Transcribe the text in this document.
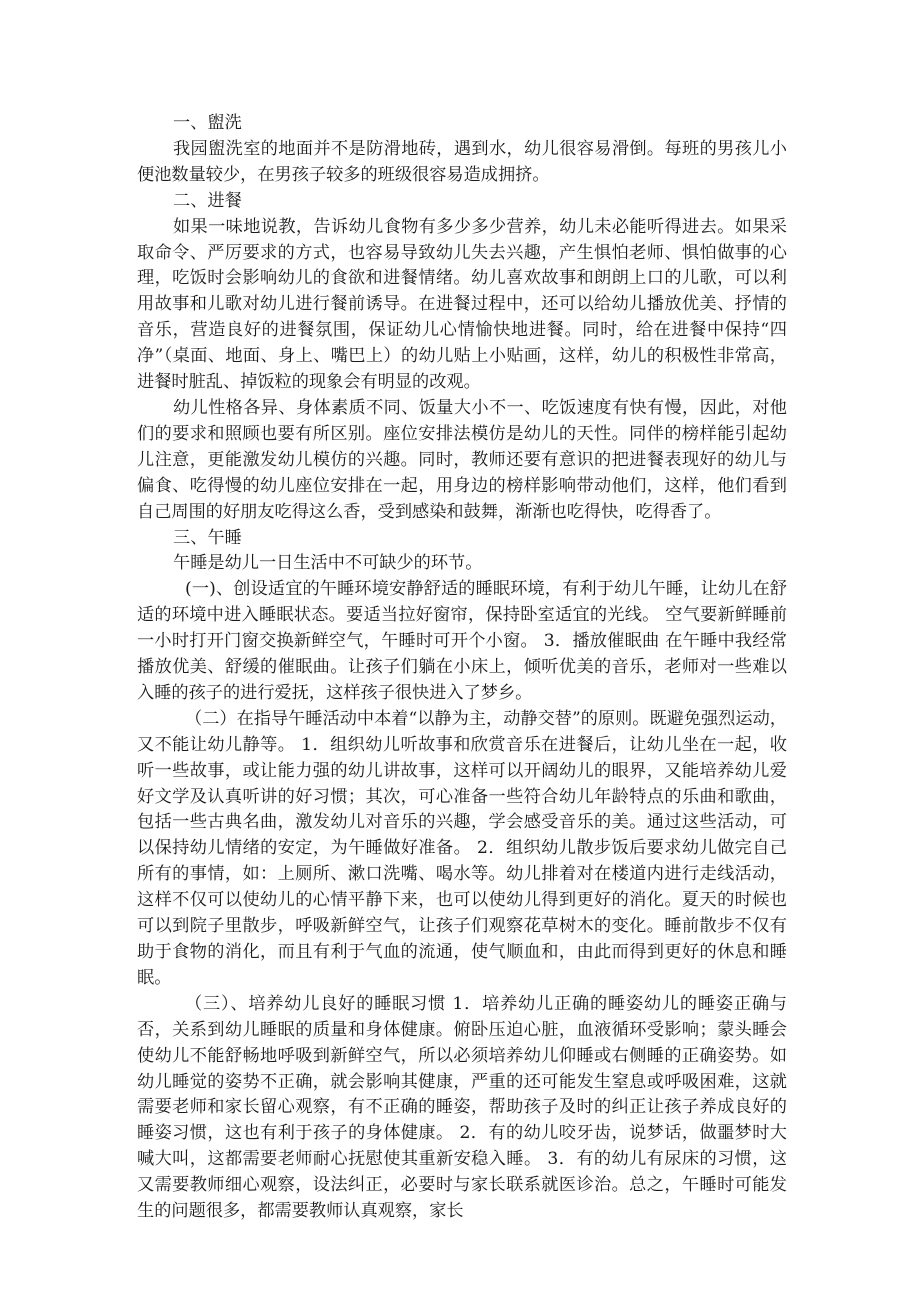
一、盥洗

我园盥洗室的地面并不是防滑地砖，遇到水，幼儿很容易滑倒。每班的男孩儿小便池数量较少，在男孩子较多的班级很容易造成拥挤。

二、进餐

如果一味地说教，告诉幼儿食物有多少多少营养，幼儿未必能听得进去。如果采取命令、严厉要求的方式，也容易导致幼儿失去兴趣，产生惧怕老师、惧怕做事的心理，吃饭时会影响幼儿的食欲和进餐情绪。幼儿喜欢故事和朗朗上口的儿歌，可以利用故事和儿歌对幼儿进行餐前诱导。在进餐过程中，还可以给幼儿播放优美、抒情的音乐，营造良好的进餐氛围，保证幼儿心情愉快地进餐。同时，给在进餐中保持“四净”（桌面、地面、身上、嘴巴上）的幼儿贴上小贴画，这样，幼儿的积极性非常高，进餐时脏乱、掉饭粒的现象会有明显的改观。

幼儿性格各异、身体素质不同、饭量大小不一、吃饭速度有快有慢，因此，对他们的要求和照顾也要有所区别。座位安排法模仿是幼儿的天性。同伴的榜样能引起幼儿注意，更能激发幼儿模仿的兴趣。同时，教师还要有意识的把进餐表现好的幼儿与偏食、吃得慢的幼儿座位安排在一起，用身边的榜样影响带动他们，这样，他们看到自己周围的好朋友吃得这么香，受到感染和鼓舞，渐渐也吃得快，吃得香了。

三、午睡

午睡是幼儿一日生活中不可缺少的环节。

(一)、创设适宜的午睡环境安静舒适的睡眠环境，有利于幼儿午睡，让幼儿在舒适的环境中进入睡眠状态。要适当拉好窗帘，保持卧室适宜的光线。 空气要新鲜睡前一小时打开门窗交换新鲜空气，午睡时可开个小窗。 3．播放催眠曲 在午睡中我经常播放优美、舒缓的催眠曲。让孩子们躺在小床上，倾听优美的音乐，老师对一些难以入睡的孩子的进行爱抚，这样孩子很快进入了梦乡。

（二）在指导午睡活动中本着“以静为主，动静交替”的原则。既避免强烈运动，又不能让幼儿静等。 1．组织幼儿听故事和欣赏音乐在进餐后，让幼儿坐在一起，收听一些故事，或让能力强的幼儿讲故事，这样可以开阔幼儿的眼界，又能培养幼儿爱好文学及认真听讲的好习惯；其次，可心准备一些符合幼儿年龄特点的乐曲和歌曲，包括一些古典名曲，激发幼儿对音乐的兴趣，学会感受音乐的美。通过这些活动，可以保持幼儿情绪的安定，为午睡做好准备。 2．组织幼儿散步饭后要求幼儿做完自己所有的事情，如：上厕所、漱口洗嘴、喝水等。幼儿排着对在楼道内进行走线活动，这样不仅可以使幼儿的心情平静下来，也可以使幼儿得到更好的消化。夏天的时候也可以到院子里散步，呼吸新鲜空气，让孩子们观察花草树木的变化。睡前散步不仅有助于食物的消化，而且有利于气血的流通，使气顺血和，由此而得到更好的休息和睡眠。

（三）、培养幼儿良好的睡眠习惯 1．培养幼儿正确的睡姿幼儿的睡姿正确与否，关系到幼儿睡眠的质量和身体健康。俯卧压迫心脏，血液循环受影响；蒙头睡会使幼儿不能舒畅地呼吸到新鲜空气，所以必须培养幼儿仰睡或右侧睡的正确姿势。如幼儿睡觉的姿势不正确，就会影响其健康，严重的还可能发生窒息或呼吸困难，这就需要老师和家长留心观察，有不正确的睡姿，帮助孩子及时的纠正让孩子养成良好的睡姿习惯，这也有利于孩子的身体健康。 2．有的幼儿咬牙齿，说梦话，做噩梦时大喊大叫，这都需要老师耐心抚慰使其重新安稳入睡。 3．有的幼儿有尿床的习惯，这又需要教师细心观察，设法纠正，必要时与家长联系就医诊治。总之，午睡时可能发生的问题很多，都需要教师认真观察，家长
